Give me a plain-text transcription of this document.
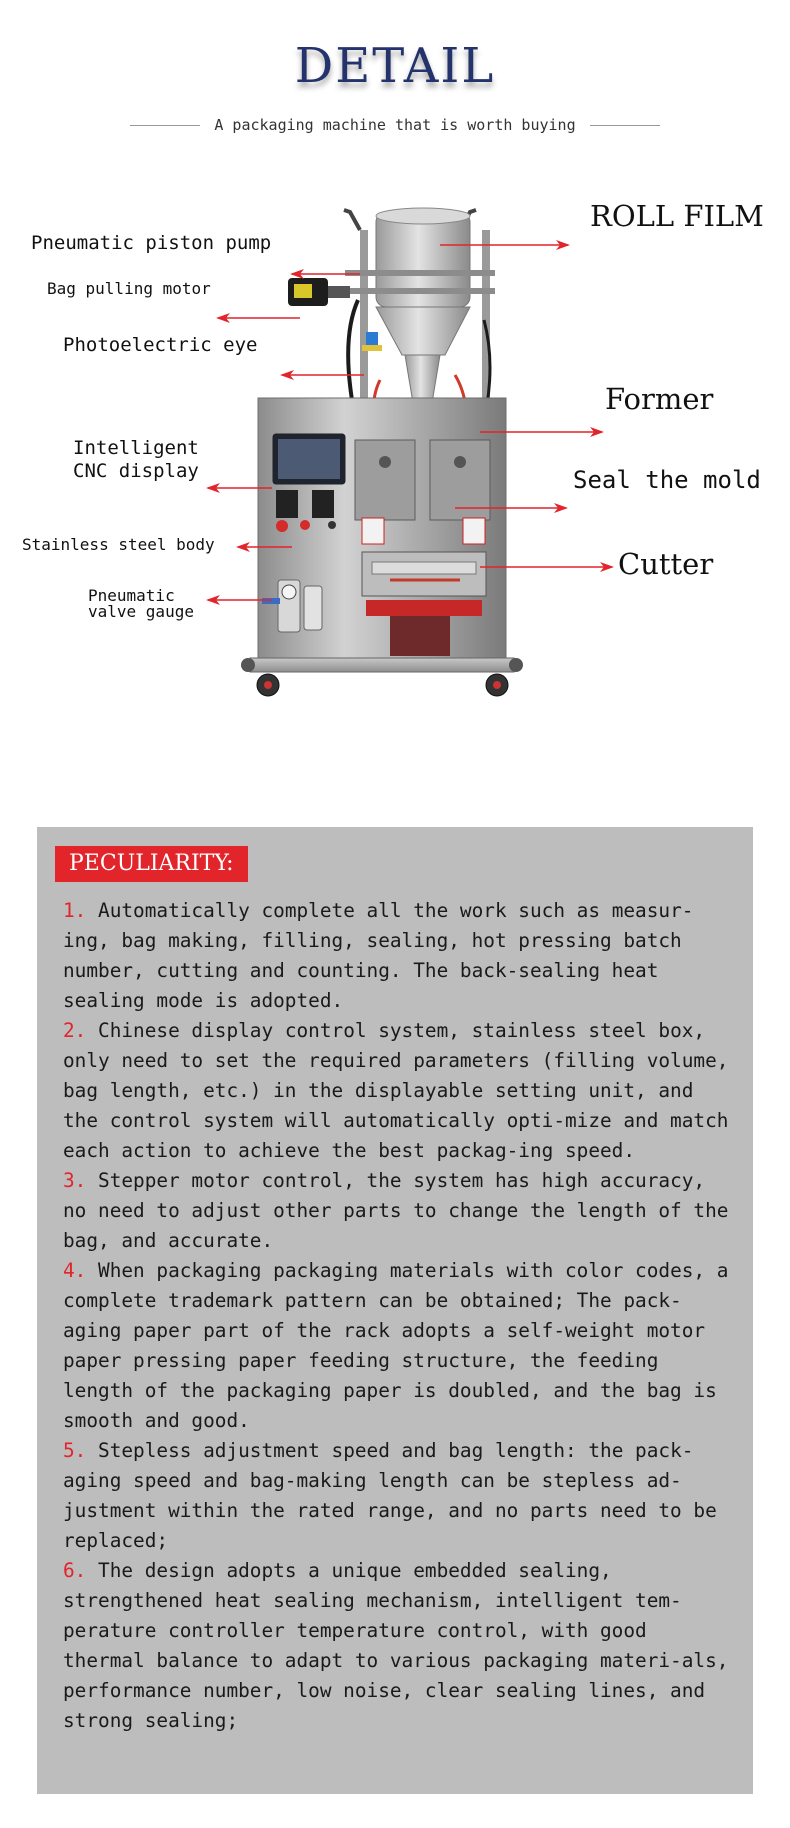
DETAIL
A packaging machine that is worth buying
ROLL FILM
Pneumatic piston pump
Bag pulling motor
Photoelectric eye
Former
Intelligent
CNC display	Seal the mold
Stainless steel body
Cutter
Pneumatic
valve gauge
PECULIARITY:

1. Automatically complete all the work such as measur-ing, bag making, filling, sealing, hot pressing batch number, cutting and counting. The back-sealing heat sealing mode is adopted.

2. Chinese display control system, stainless steel box, only need to set the required parameters (filling volume, bag length, etc.) in the displayable setting unit, and the control system will automatically opti-mize and match each action to achieve the best packag-ing speed.

3. Stepper motor control, the system has high accuracy, no need to adjust other parts to change the length of the bag, and accurate.

4. When packaging packaging materials with color codes, a complete trademark pattern can be obtained; The pack-aging paper part of the rack adopts a self-weight motor paper pressing paper feeding structure, the feeding length of the packaging paper is doubled, and the bag is smooth and good.

5. Stepless adjustment speed and bag length: the pack-aging speed and bag-making length can be stepless ad-justment within the rated range, and no parts need to be replaced;

6. The design adopts a unique embedded sealing, strengthened heat sealing mechanism, intelligent tem-perature controller temperature control, with good thermal balance to adapt to various packaging materi-als, performance number, low noise, clear sealing lines, and strong sealing;
